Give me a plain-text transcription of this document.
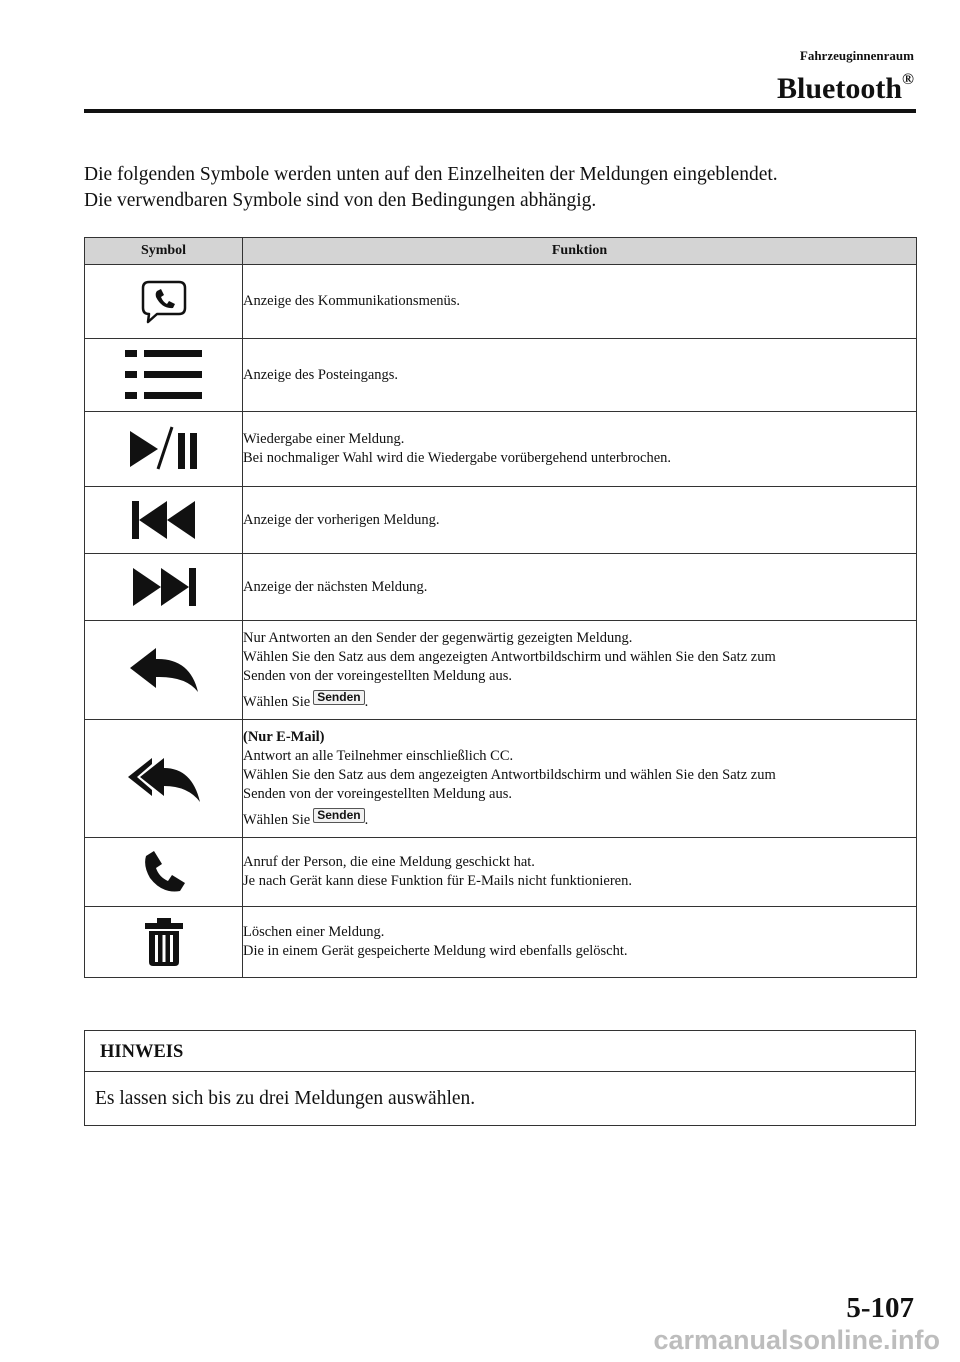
Fahrzeuginnenraum
Bluetooth®
Die folgenden Symbole werden unten auf den Einzelheiten der Meldungen eingeblendet.
Die verwendbaren Symbole sind von den Bedingungen abhängig.
Symbol	Funktion

Anzeige des Kommunikationsmenüs.

Anzeige des Posteingangs.

Wiedergabe einer Meldung.
Bei nochmaliger Wahl wird die Wiedergabe vorübergehend unterbrochen.

Anzeige der vorherigen Meldung.

Anzeige der nächsten Meldung.

Nur Antworten an den Sender der gegenwärtig gezeigten Meldung.
Wählen Sie den Satz aus dem angezeigten Antwortbildschirm und wählen Sie den Satz zum
Senden von der voreingestellten Meldung aus.
Wählen Sie Senden .

(Nur E-Mail)
Antwort an alle Teilnehmer einschließlich CC.
Wählen Sie den Satz aus dem angezeigten Antwortbildschirm und wählen Sie den Satz zum
Senden von der voreingestellten Meldung aus.
Wählen Sie Senden .

Anruf der Person, die eine Meldung geschickt hat.
Je nach Gerät kann diese Funktion für E-Mails nicht funktionieren.

Löschen einer Meldung.
Die in einem Gerät gespeicherte Meldung wird ebenfalls gelöscht.
HINWEIS
Es lassen sich bis zu drei Meldungen auswählen.
5-107
carmanualsonline.info
